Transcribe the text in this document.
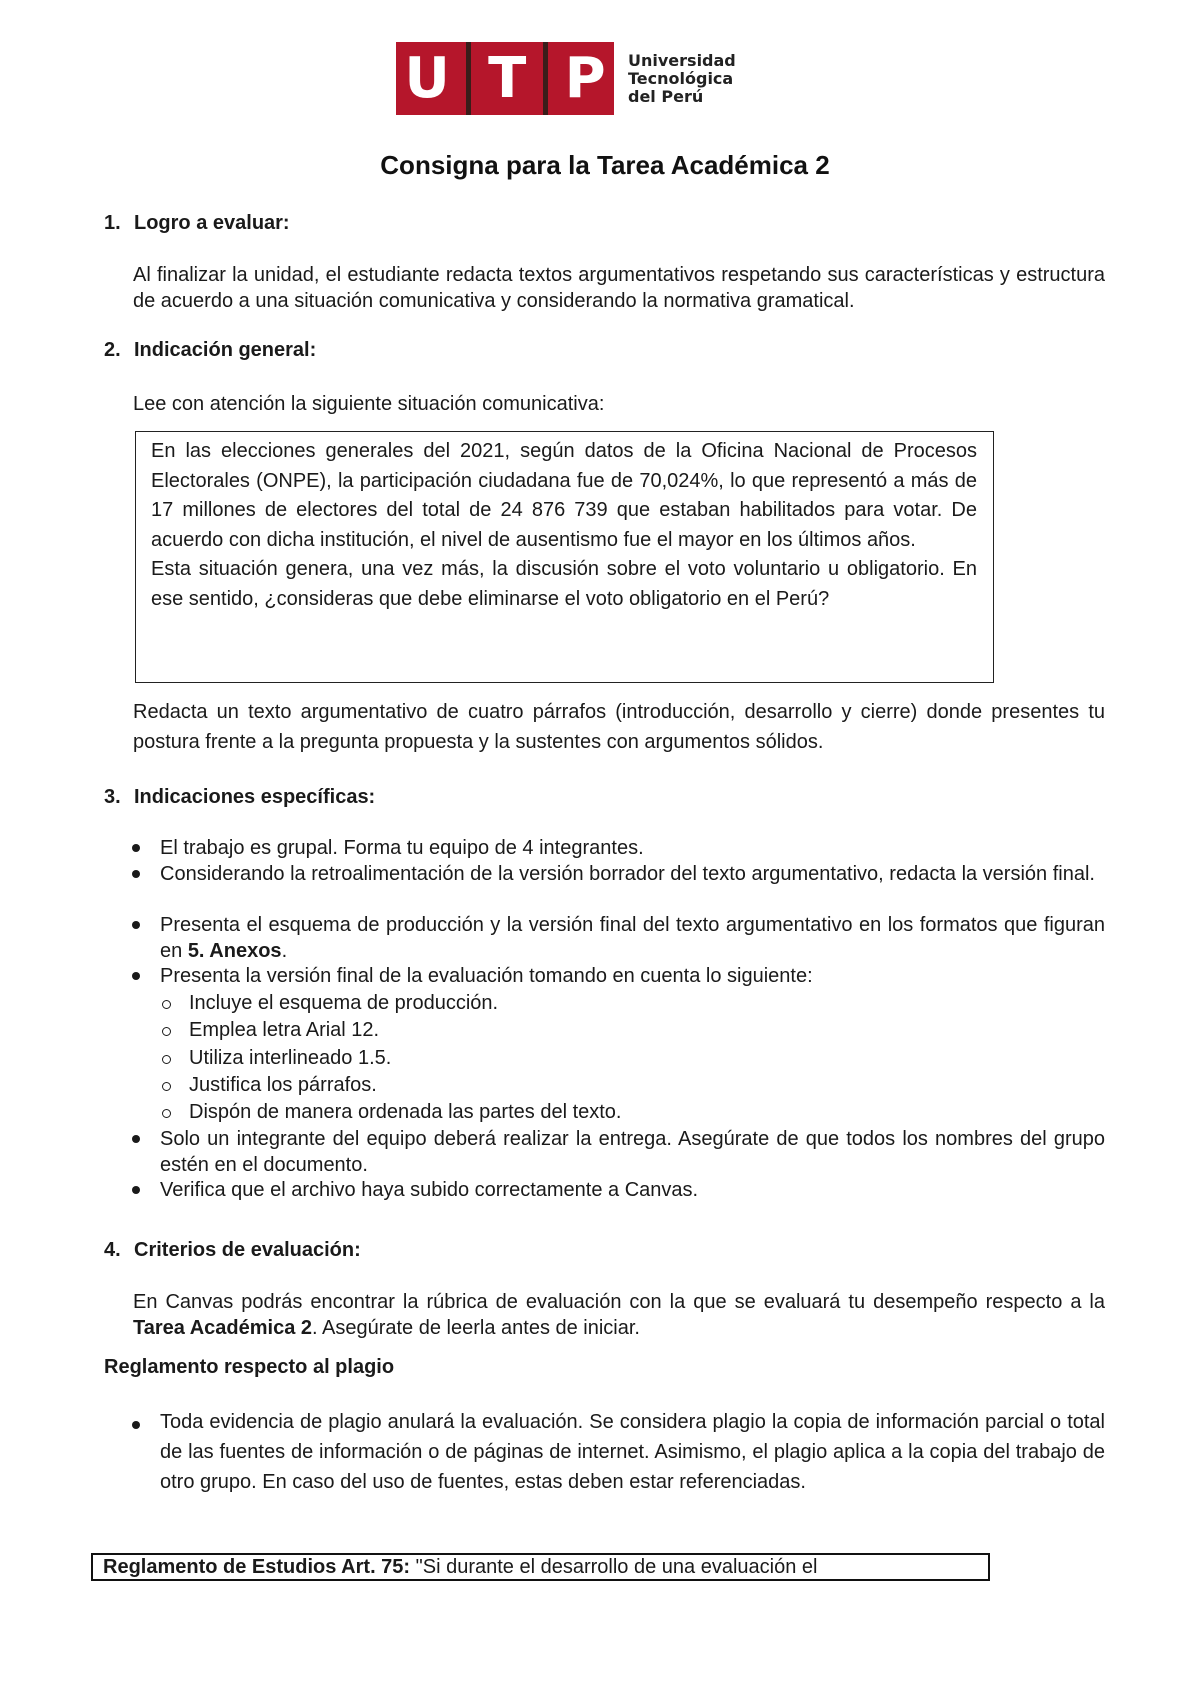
U T P Universidad
Tecnológica
del Perú
Consigna para la Tarea Académica 2
1. Logro a evaluar:
Al finalizar la unidad, el estudiante redacta textos argumentativos respetando sus características y estructura de acuerdo a una situación comunicativa y considerando la normativa gramatical.
2. Indicación general:
Lee con atención la siguiente situación comunicativa:

En las elecciones generales del 2021, según datos de la Oficina Nacional de Procesos Electorales (ONPE), la participación ciudadana fue de 70,024%, lo que representó a más de 17 millones de electores del total de 24 876 739 que estaban habilitados para votar. De acuerdo con dicha institución, el nivel de ausentismo fue el mayor en los últimos años.

Esta situación genera, una vez más, la discusión sobre el voto voluntario u obligatorio. En ese sentido, ¿consideras que debe eliminarse el voto obligatorio en el Perú?

Redacta un texto argumentativo de cuatro párrafos (introducción, desarrollo y cierre) donde presentes tu postura frente a la pregunta propuesta y la sustentes con argumentos sólidos.
3. Indicaciones específicas:
El trabajo es grupal. Forma tu equipo de 4 integrantes.
Considerando la retroalimentación de la versión borrador del texto argumentativo, redacta la versión final.
Presenta el esquema de producción y la versión final del texto argumentativo en los formatos que figuran en 5. Anexos.
Presenta la versión final de la evaluación tomando en cuenta lo siguiente:
Incluye el esquema de producción.
Emplea letra Arial 12.
Utiliza interlineado 1.5.
Justifica los párrafos.
Dispón de manera ordenada las partes del texto.
Solo un integrante del equipo deberá realizar la entrega. Asegúrate de que todos los nombres del grupo estén en el documento.
Verifica que el archivo haya subido correctamente a Canvas.
4. Criterios de evaluación:
En Canvas podrás encontrar la rúbrica de evaluación con la que se evaluará tu desempeño respecto a la Tarea Académica 2. Asegúrate de leerla antes de iniciar.
Reglamento respecto al plagio
Toda evidencia de plagio anulará la evaluación. Se considera plagio la copia de información parcial o total de las fuentes de información o de páginas de internet. Asimismo, el plagio aplica a la copia del trabajo de otro grupo. En caso del uso de fuentes, estas deben estar referenciadas.
Reglamento de Estudios Art. 75: "Si durante el desarrollo de una evaluación el
